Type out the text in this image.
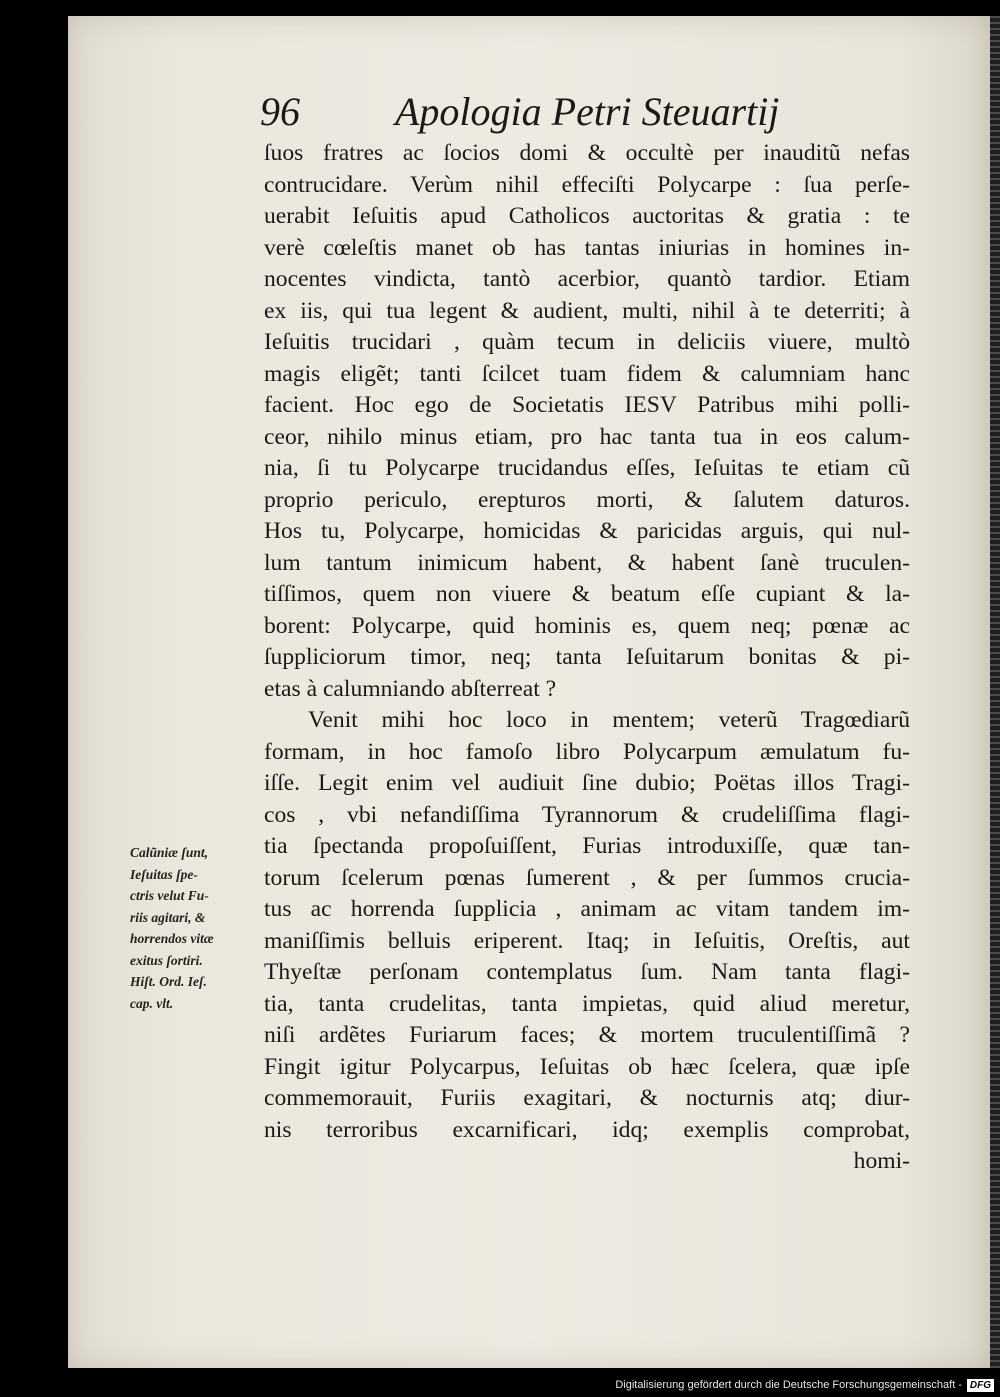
96 Apologia Petri Steuartij
ſuos fratres ac ſocios domi & occultè per inauditũ nefas
contrucidare. Verùm nihil effeciſti Polycarpe : ſua perſe-
uerabit Ieſuitis apud Catholicos auctoritas & gratia : te
verè cœleſtis manet ob has tantas iniurias in homines in-
nocentes vindicta, tantò acerbior, quantò tardior. Etiam
ex iis, qui tua legent & audient, multi, nihil à te deterriti; à
Ieſuitis trucidari , quàm tecum in deliciis viuere, multò
magis eligẽt; tanti ſcilcet tuam fidem & calumniam hanc
facient. Hoc ego de Societatis IESV Patribus mihi polli-
ceor, nihilo minus etiam, pro hac tanta tua in eos calum-
nia, ſi tu Polycarpe trucidandus eſſes, Ieſuitas te etiam cũ
proprio periculo, erepturos morti, & ſalutem daturos.
Hos tu, Polycarpe, homicidas & paricidas arguis, qui nul-
lum tantum inimicum habent, & habent ſanè truculen-
tiſſimos, quem non viuere & beatum eſſe cupiant & la-
borent: Polycarpe, quid hominis es, quem neq; pœnæ ac
ſuppliciorum timor, neq; tanta Ieſuitarum bonitas & pi-
etas à calumniando abſterreat ?
Venit mihi hoc loco in mentem; veterũ Tragœdiarũ
formam, in hoc famoſo libro Polycarpum æmulatum fu-
iſſe. Legit enim vel audiuit ſine dubio; Poëtas illos Tragi-
cos , vbi nefandiſſima Tyrannorum & crudeliſſima flagi-
tia ſpectanda propoſuiſſent, Furias introduxiſſe, quæ tan-
torum ſcelerum pœnas ſumerent , & per ſummos crucia-
tus ac horrenda ſupplicia , animam ac vitam tandem im-
maniſſimis belluis eriperent. Itaq; in Ieſuitis, Oreſtis, aut
Thyeſtæ perſonam contemplatus ſum. Nam tanta flagi-
tia, tanta crudelitas, tanta impietas, quid aliud meretur,
niſi ardẽtes Furiarum faces; & mortem truculentiſſimã ?
Fingit igitur Polycarpus, Ieſuitas ob hæc ſcelera, quæ ipſe
commemorauit, Furiis exagitari, & nocturnis atq; diur-
nis terroribus excarnificari, idq; exemplis comprobat,
homi-
Calũniæ ſunt,
Ieſuitas ſpe-
ctris velut Fu-
riis agitari, &
horrendos vitæ
exitus ſortiri.
Hiſt. Ord. Ieſ.
cap. vlt.
Digitalisierung gefördert durch die Deutsche Forschungsgemeinschaft - DFG
